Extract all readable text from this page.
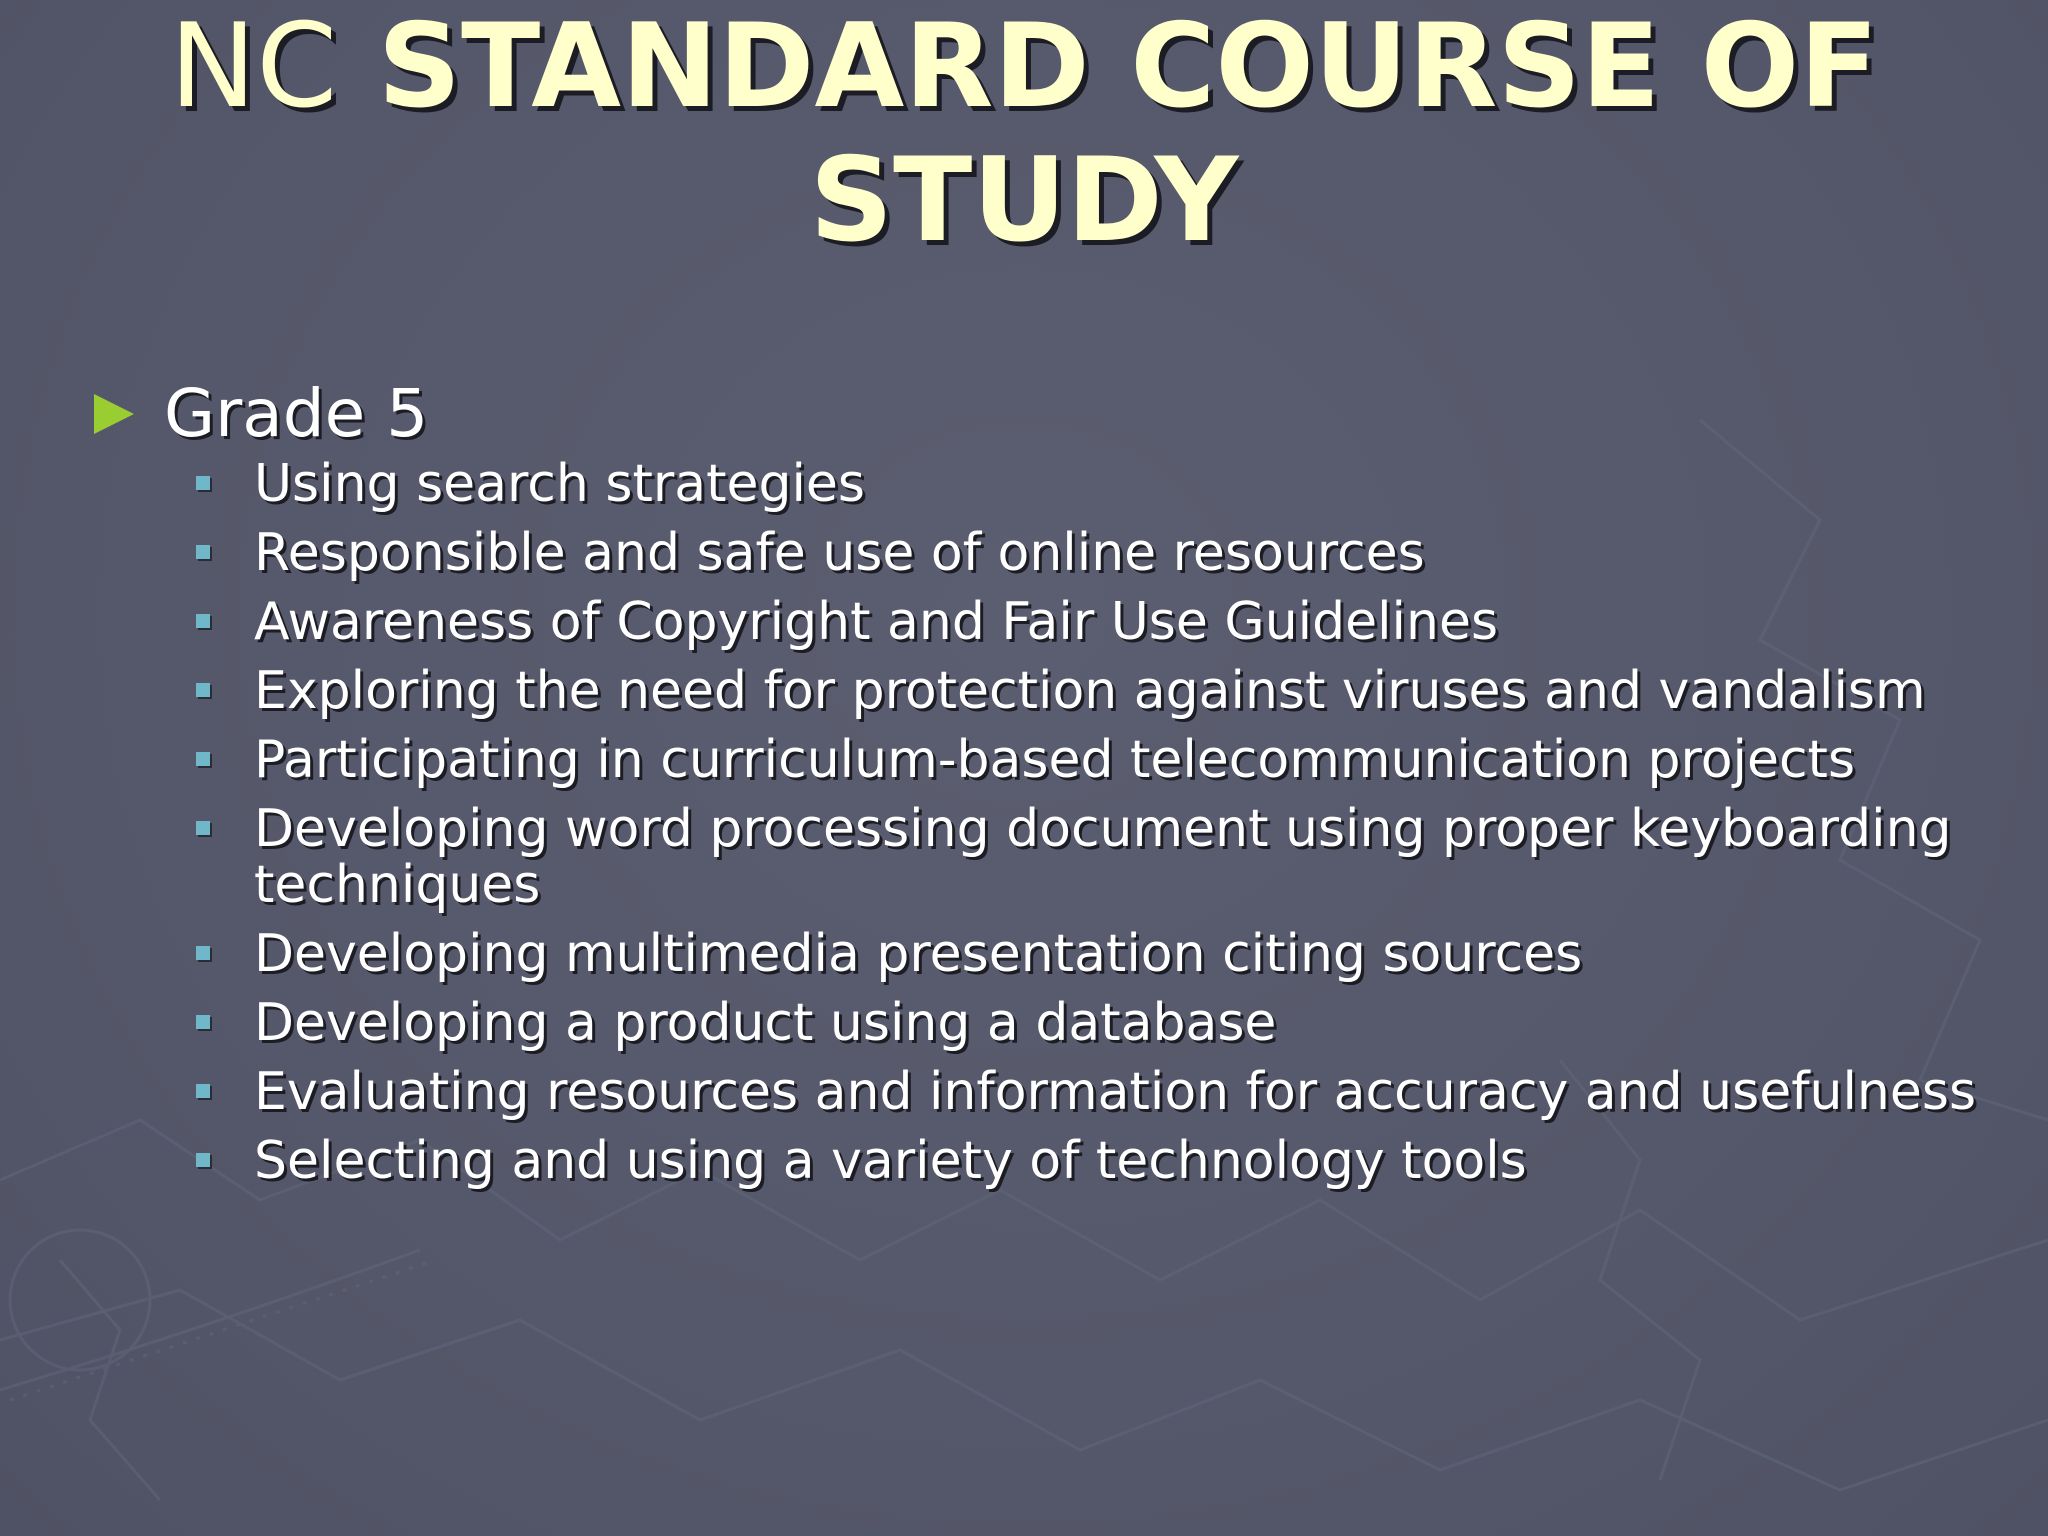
NC STANDARD COURSE OF
STUDY
Grade 5
Using search strategies
Responsible and safe use of online resources
Awareness of Copyright and Fair Use Guidelines
Exploring the need for protection against viruses and vandalism
Participating in curriculum-based telecommunication projects
Developing word processing document using proper keyboarding techniques
Developing multimedia presentation citing sources
Developing a product using a database
Evaluating resources and information for accuracy and usefulness
Selecting and using a variety of technology tools
